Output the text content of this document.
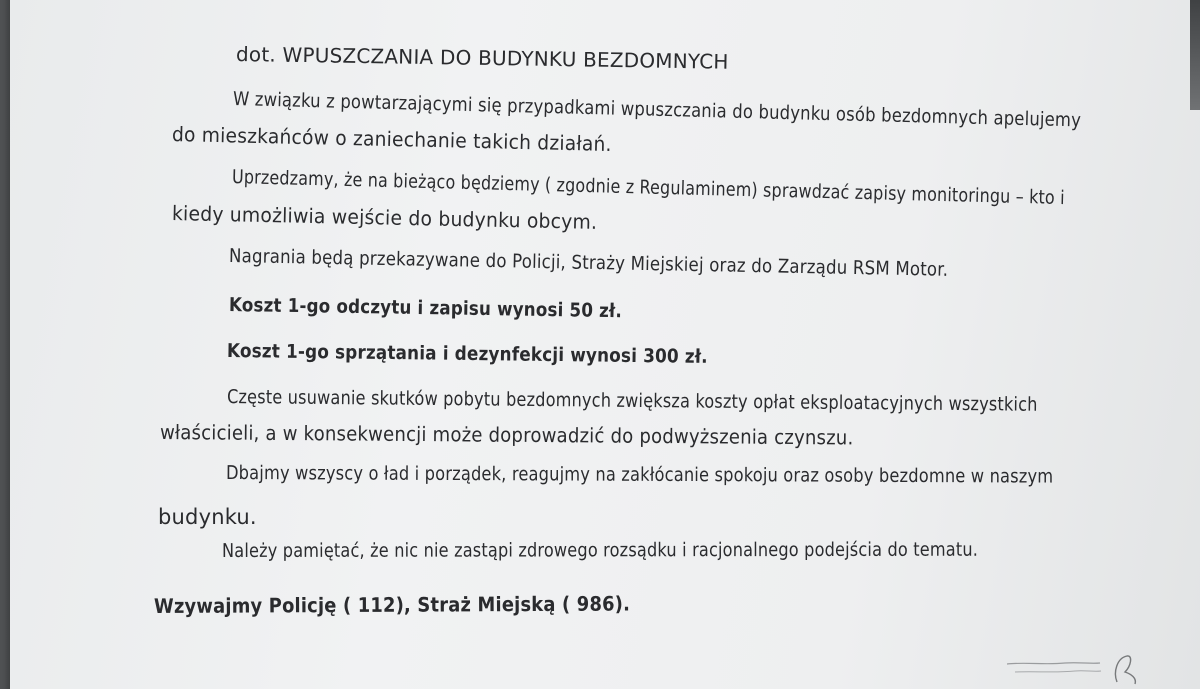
dot. WPUSZCZANIA DO BUDYNKU BEZDOMNYCH
W związku z powtarzającymi się przypadkami wpuszczania do budynku osób bezdomnych apelujemy
do mieszkańców o zaniechanie takich działań.
Uprzedzamy, że na bieżąco będziemy ( zgodnie z Regulaminem) sprawdzać zapisy monitoringu – kto i
kiedy umożliwia wejście do budynku obcym.
Nagrania będą przekazywane do Policji, Straży Miejskiej oraz do Zarządu RSM Motor.
Koszt 1-go odczytu i zapisu wynosi 50 zł.
Koszt 1-go sprzątania i dezynfekcji wynosi 300 zł.
Częste usuwanie skutków pobytu bezdomnych zwiększa koszty opłat eksploatacyjnych wszystkich
właścicieli, a w konsekwencji może doprowadzić do podwyższenia czynszu.
Dbajmy wszyscy o ład i porządek, reagujmy na zakłócanie spokoju oraz osoby bezdomne w naszym
budynku.
Należy pamiętać, że nic nie zastąpi zdrowego rozsądku i racjonalnego podejścia do tematu.
Wzywajmy Policję ( 112), Straż Miejską ( 986).
